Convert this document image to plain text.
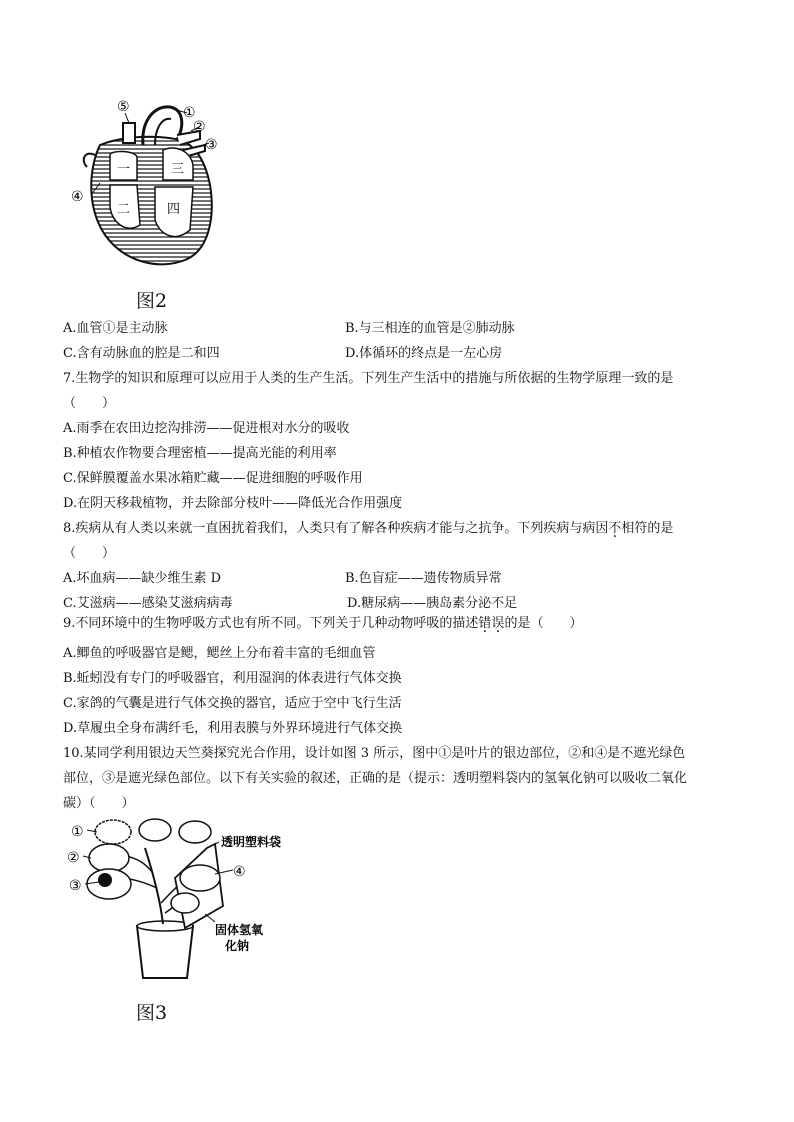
⑤	①
②
③
④
一
二
三
四
图2
A.血管①是主动脉	B.与三相连的血管是②肺动脉
C.含有动脉血的腔是二和四	D.体循环的终点是一左心房
7.生物学的知识和原理可以应用于人类的生产生活。下列生产生活中的措施与所依据的生物学原理一致的是
（　　）
A.雨季在农田边挖沟排涝——促进根对水分的吸收
B.种植农作物要合理密植——提高光能的利用率
C.保鲜膜覆盖水果冰箱贮藏——促进细胞的呼吸作用
D.在阴天移栽植物，并去除部分枝叶——降低光合作用强度
8.疾病从有人类以来就一直困扰着我们，人类只有了解各种疾病才能与之抗争。下列疾病与病因不相符的是
（　　）
A.坏血病——缺少维生素 D	B.色盲症——遗传物质异常
C.艾滋病——感染艾滋病病毒	D.糖尿病——胰岛素分泌不足
9.不同环境中的生物呼吸方式也有所不同。下列关于几种动物呼吸的描述错误的是（　　）
A.鲫鱼的呼吸器官是鳃，鳃丝上分布着丰富的毛细血管
B.蚯蚓没有专门的呼吸器官，利用湿润的体表进行气体交换
C.家鸽的气囊是进行气体交换的器官，适应于空中飞行生活
D.草履虫全身布满纤毛，利用表膜与外界环境进行气体交换
10.某同学利用银边天竺葵探究光合作用，设计如图 3 所示，图中①是叶片的银边部位，②和④是不遮光绿色
部位，③是遮光绿色部位。以下有关实验的叙述，正确的是（提示：透明塑料袋内的氢氧化钠可以吸收二氧化
碳）（　　）
①
②
③
④
透明塑料袋
固体氢氧
化钠
图3
